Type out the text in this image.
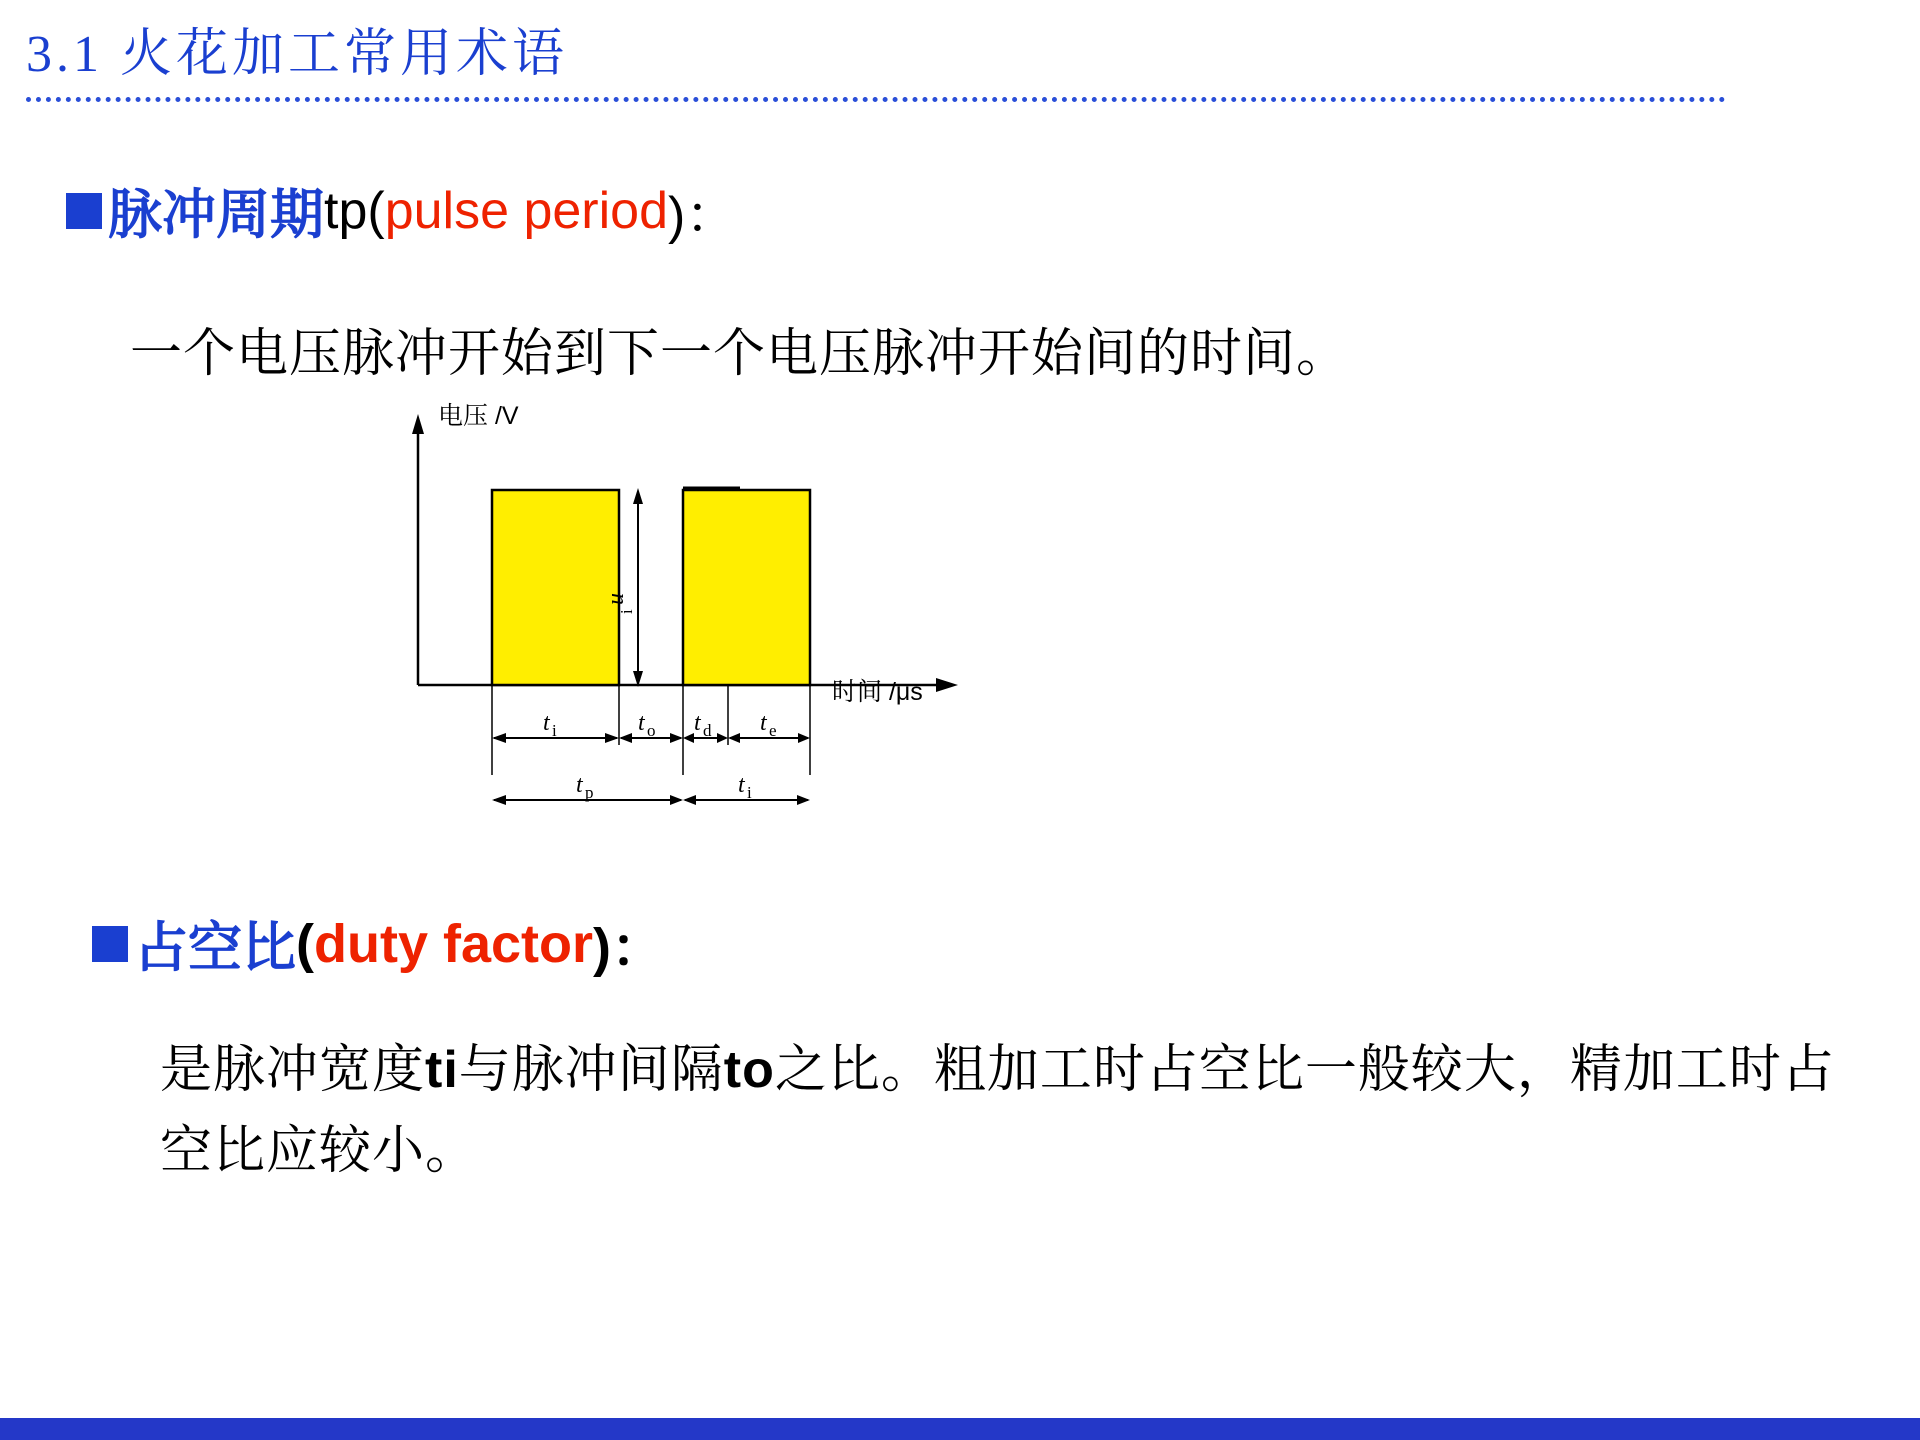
3.1 火花加工常用术语
脉冲周期 tp( pulse period )：
一个电压脉冲开始到下一个电压脉冲开始间的时间。
电压 /V
时间 /μs
u
i
t i	t o t d t e
t p	t i
占空比 ( duty factor )：
是脉冲宽度ti与脉冲间隔to之比。粗加工时占空比一般较大，精加工时占空比应较小。
